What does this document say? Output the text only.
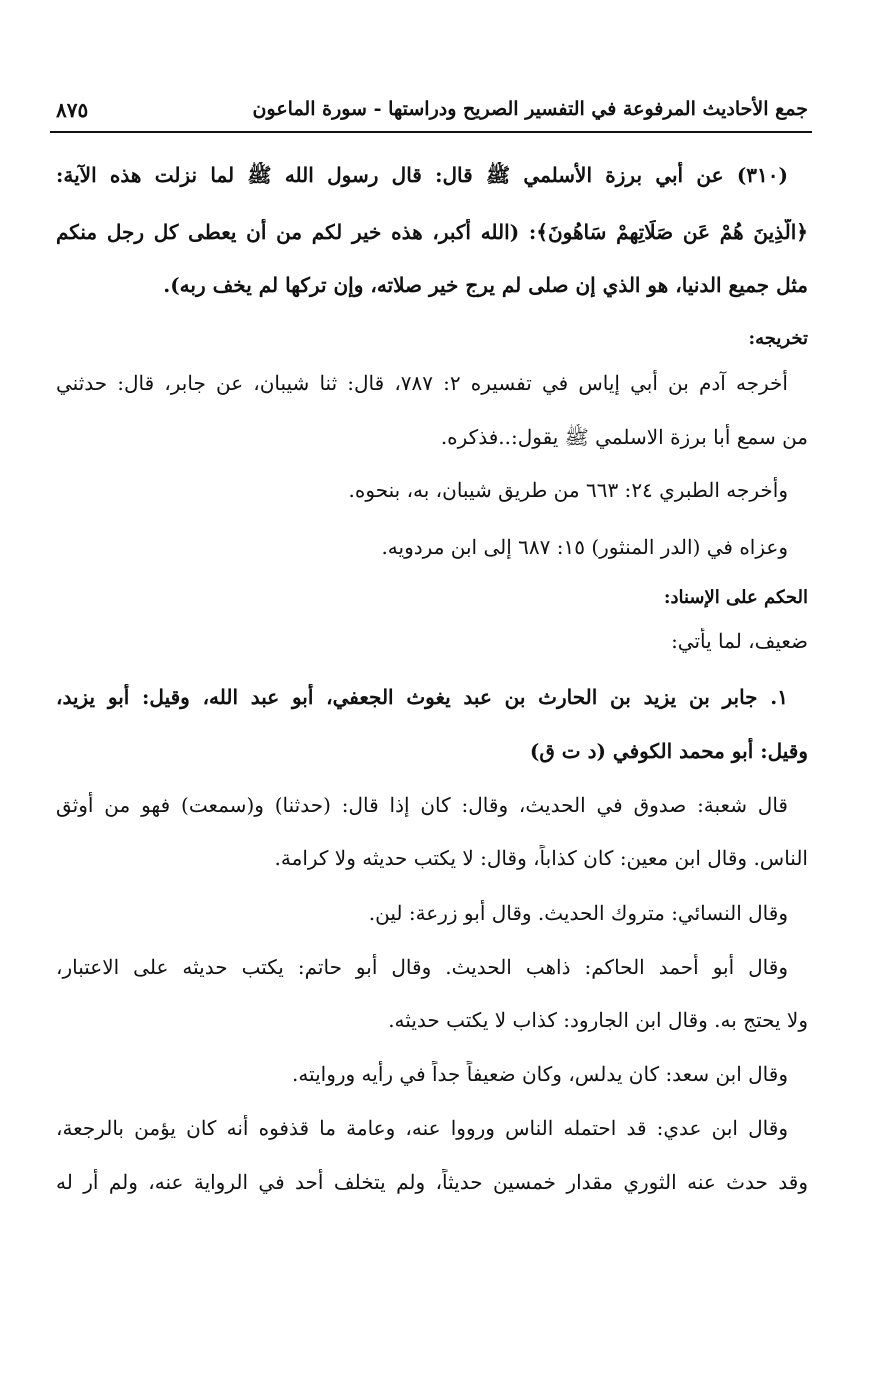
جمع الأحاديث المرفوعة في التفسير الصريح ودراستها - سورة الماعون
٨٧٥
(٣١٠) عن أبي برزة الأسلمي ﷺ قال: قال رسول الله ﷺ لما نزلت هذه الآية:
﴿الَّذِينَ هُمْ عَن صَلَاتِهِمْ سَاهُونَ﴾: (الله أكبر، هذه خير لكم من أن يعطى كل رجل منكم
مثل جميع الدنيا، هو الذي إن صلى لم يرج خير صلاته، وإن تركها لم يخف ربه).
تخريجه:
أخرجه آدم بن أبي إياس في تفسيره ٢: ٧٨٧، قال: ثنا شيبان، عن جابر، قال: حدثني
من سمع أبا برزة الاسلمي ﷺ يقول:..فذكره.
وأخرجه الطبري ٢٤: ٦٦٣ من طريق شيبان، به، بنحوه.
وعزاه في (الدر المنثور) ١٥: ٦٨٧ إلى ابن مردويه.
الحكم على الإسناد:
ضعيف، لما يأتي:
١. جابر بن يزيد بن الحارث بن عبد يغوث الجعفي، أبو عبد الله، وقيل: أبو يزيد،
وقيل: أبو محمد الكوفي (د ت ق)
قال شعبة: صدوق في الحديث، وقال: كان إذا قال: (حدثنا) و(سمعت) فهو من أوثق
الناس. وقال ابن معين: كان كذاباً، وقال: لا يكتب حديثه ولا كرامة.
وقال النسائي: متروك الحديث. وقال أبو زرعة: لين.
وقال أبو أحمد الحاكم: ذاهب الحديث. وقال أبو حاتم: يكتب حديثه على الاعتبار،
ولا يحتج به. وقال ابن الجارود: كذاب لا يكتب حديثه.
وقال ابن سعد: كان يدلس، وكان ضعيفاً جداً في رأيه وروايته.
وقال ابن عدي: قد احتمله الناس ورووا عنه، وعامة ما قذفوه أنه كان يؤمن بالرجعة،
وقد حدث عنه الثوري مقدار خمسين حديثاً، ولم يتخلف أحد في الرواية عنه، ولم أر له
